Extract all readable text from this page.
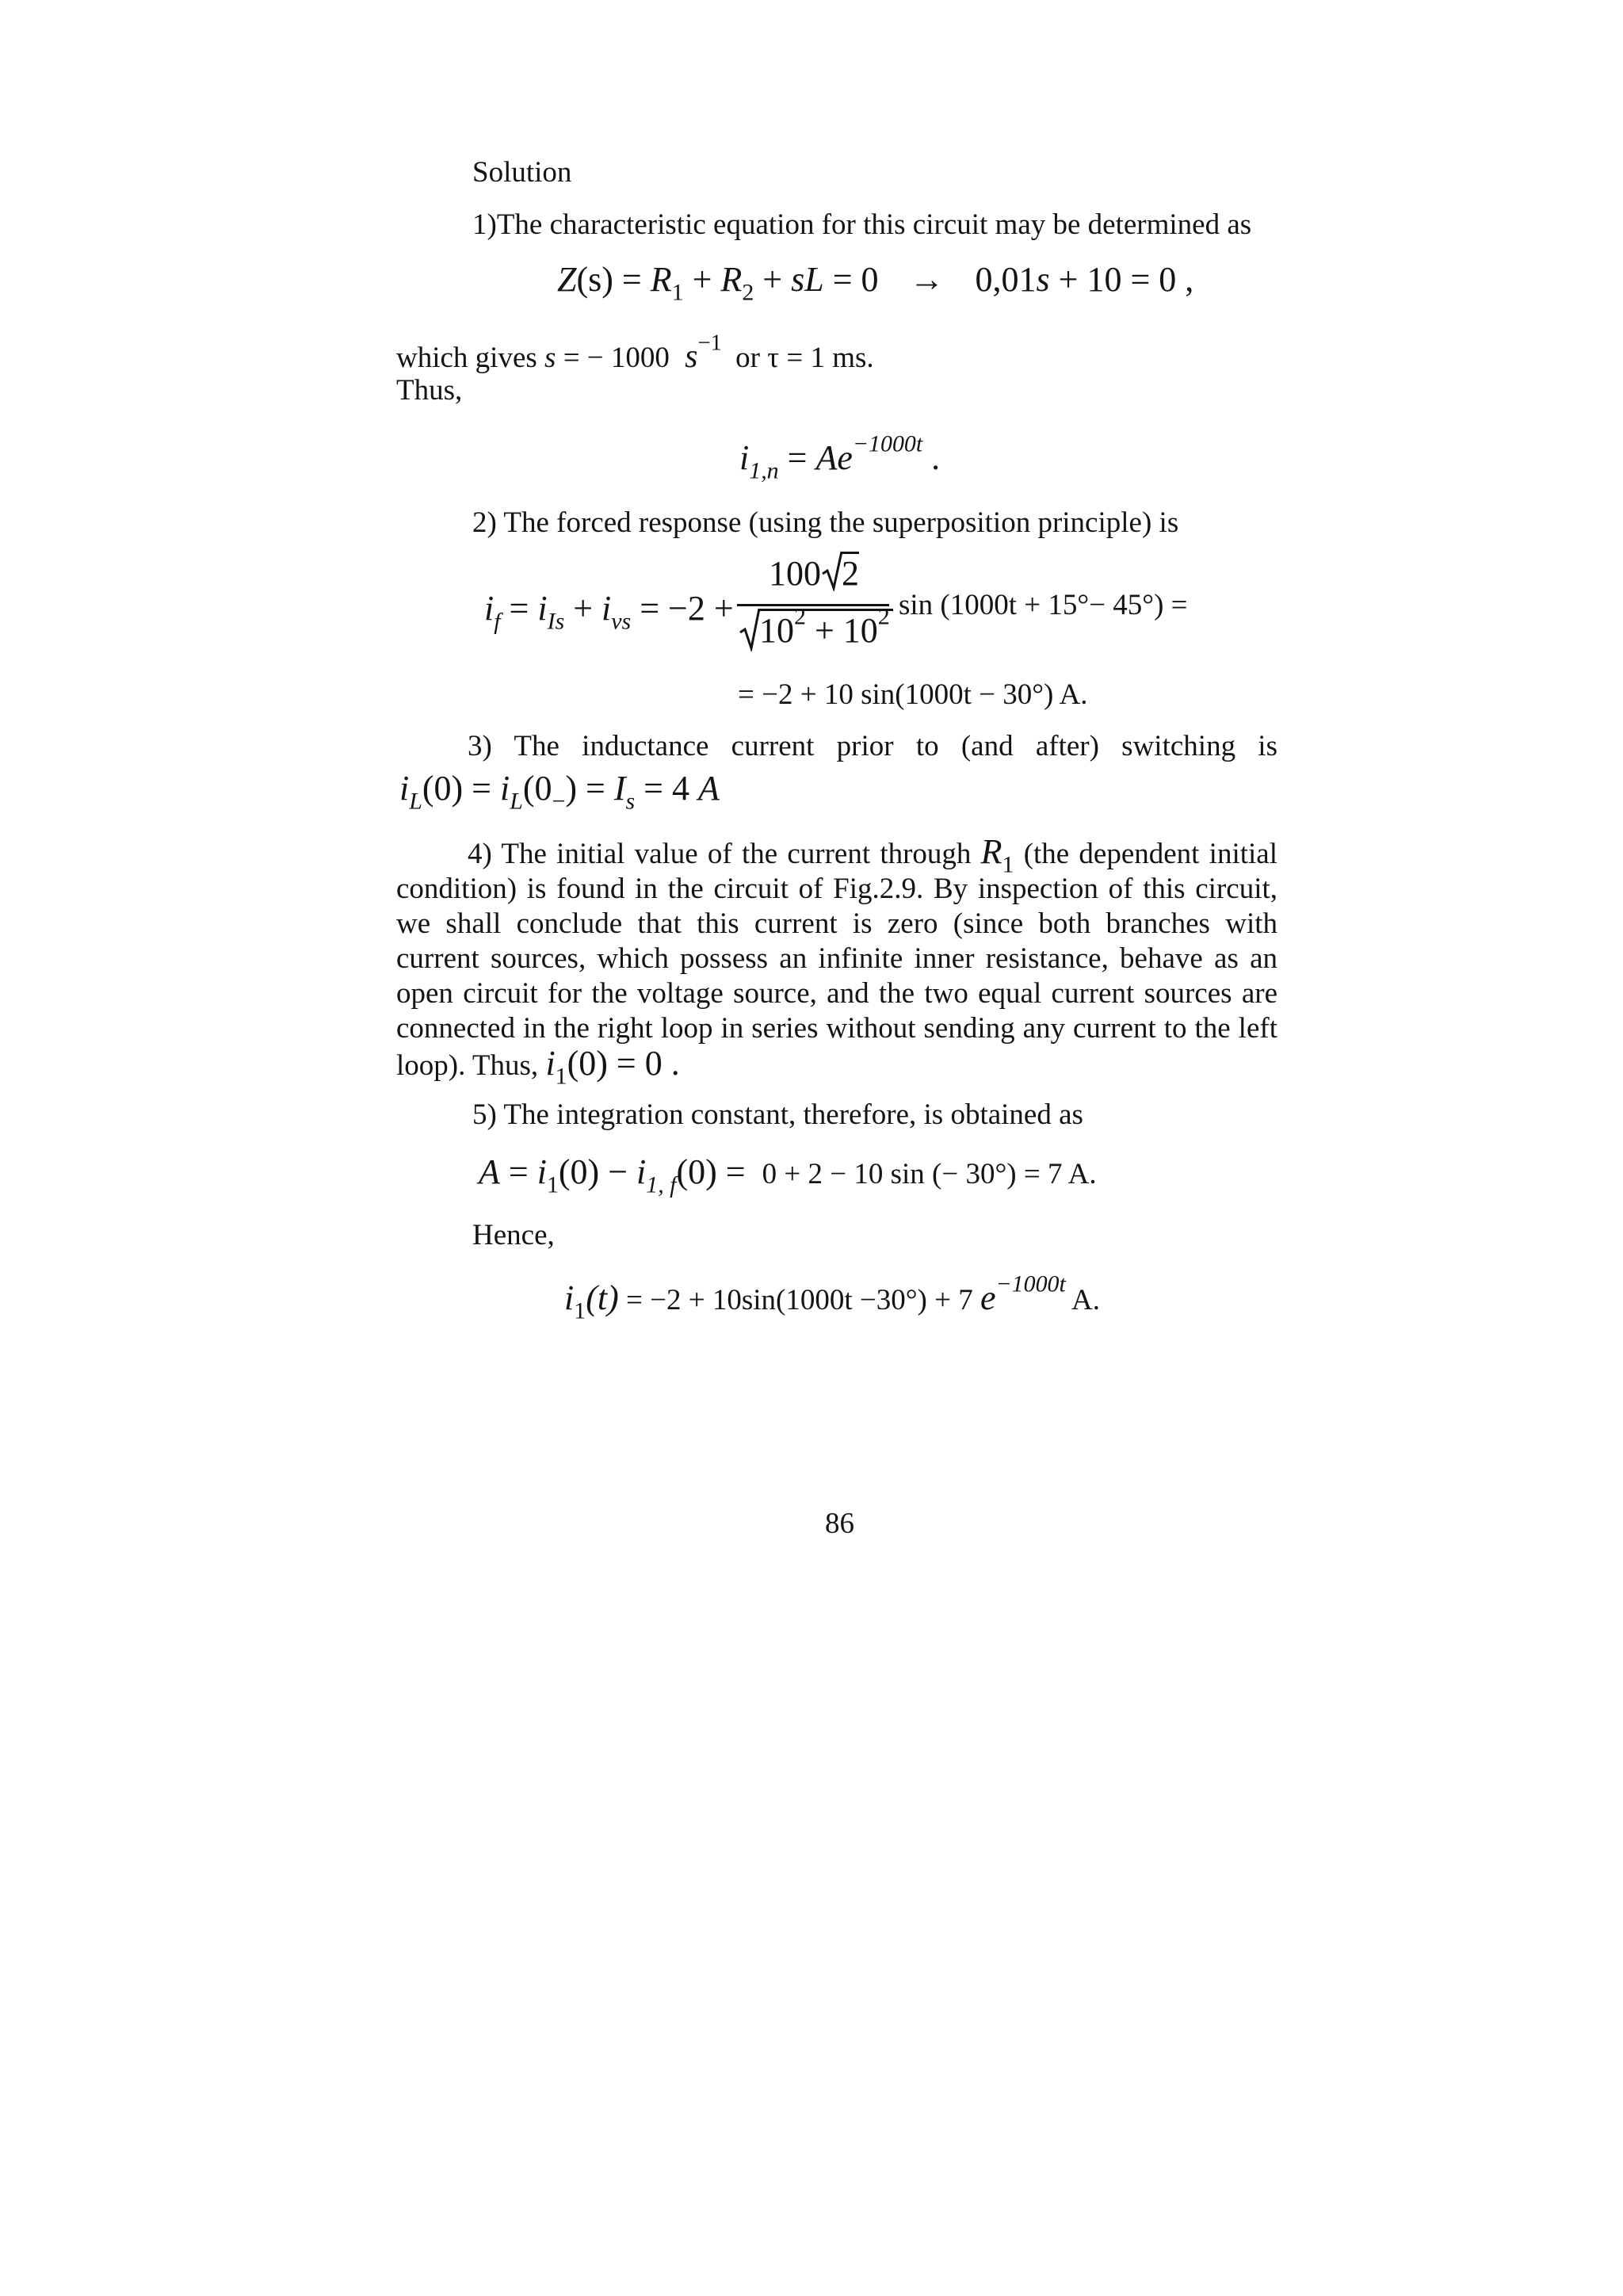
Solution
1)The characteristic equation for this circuit may be determined as
$Z(s) = R_1 + R_2$ + sL = 0 → 0,01s + 10 = 0 ,
which gives s = − 1000 $s^{-1}$ or τ = 1 ms.
Thus,
$i_{1,n} = Ae^{-1000t}$ .
2) The forced response (using the superposition principle) is
$i_f = i_{Is} + i_{vs} = -2$ +
100 2
$10^2 + 10^2$ sin (1000t + 15°− 45°) =
= −2 + 10 sin(1000t − 30°) A.
3) The inductance current prior to (and after) switching is
$i_L(0) = i_L(0_-) = I_s = 4$ A
4) The initial value of the current through $R_1$ (the dependent initial condition) is found in the circuit of Fig.2.9. By inspection of this circuit, we shall conclude that this current is zero (since both branches with current sources, which possess an infinite inner resistance, behave as an open circuit for the voltage source, and the two equal current sources are connected in the right loop in series without sending any current to the left loop). Thus, $i_1(0) = 0$ .
5) The integration constant, therefore, is obtained as
$A = i_1(0) - i_{1, f}(0) = 0 + 2 - 10$ sin (− 30°) = 7 A.
Hence,
$i_1(t) = -2 + 10\sin(1000t -30^\circ) + 7$ $e^{-1000t}$ A.
86
